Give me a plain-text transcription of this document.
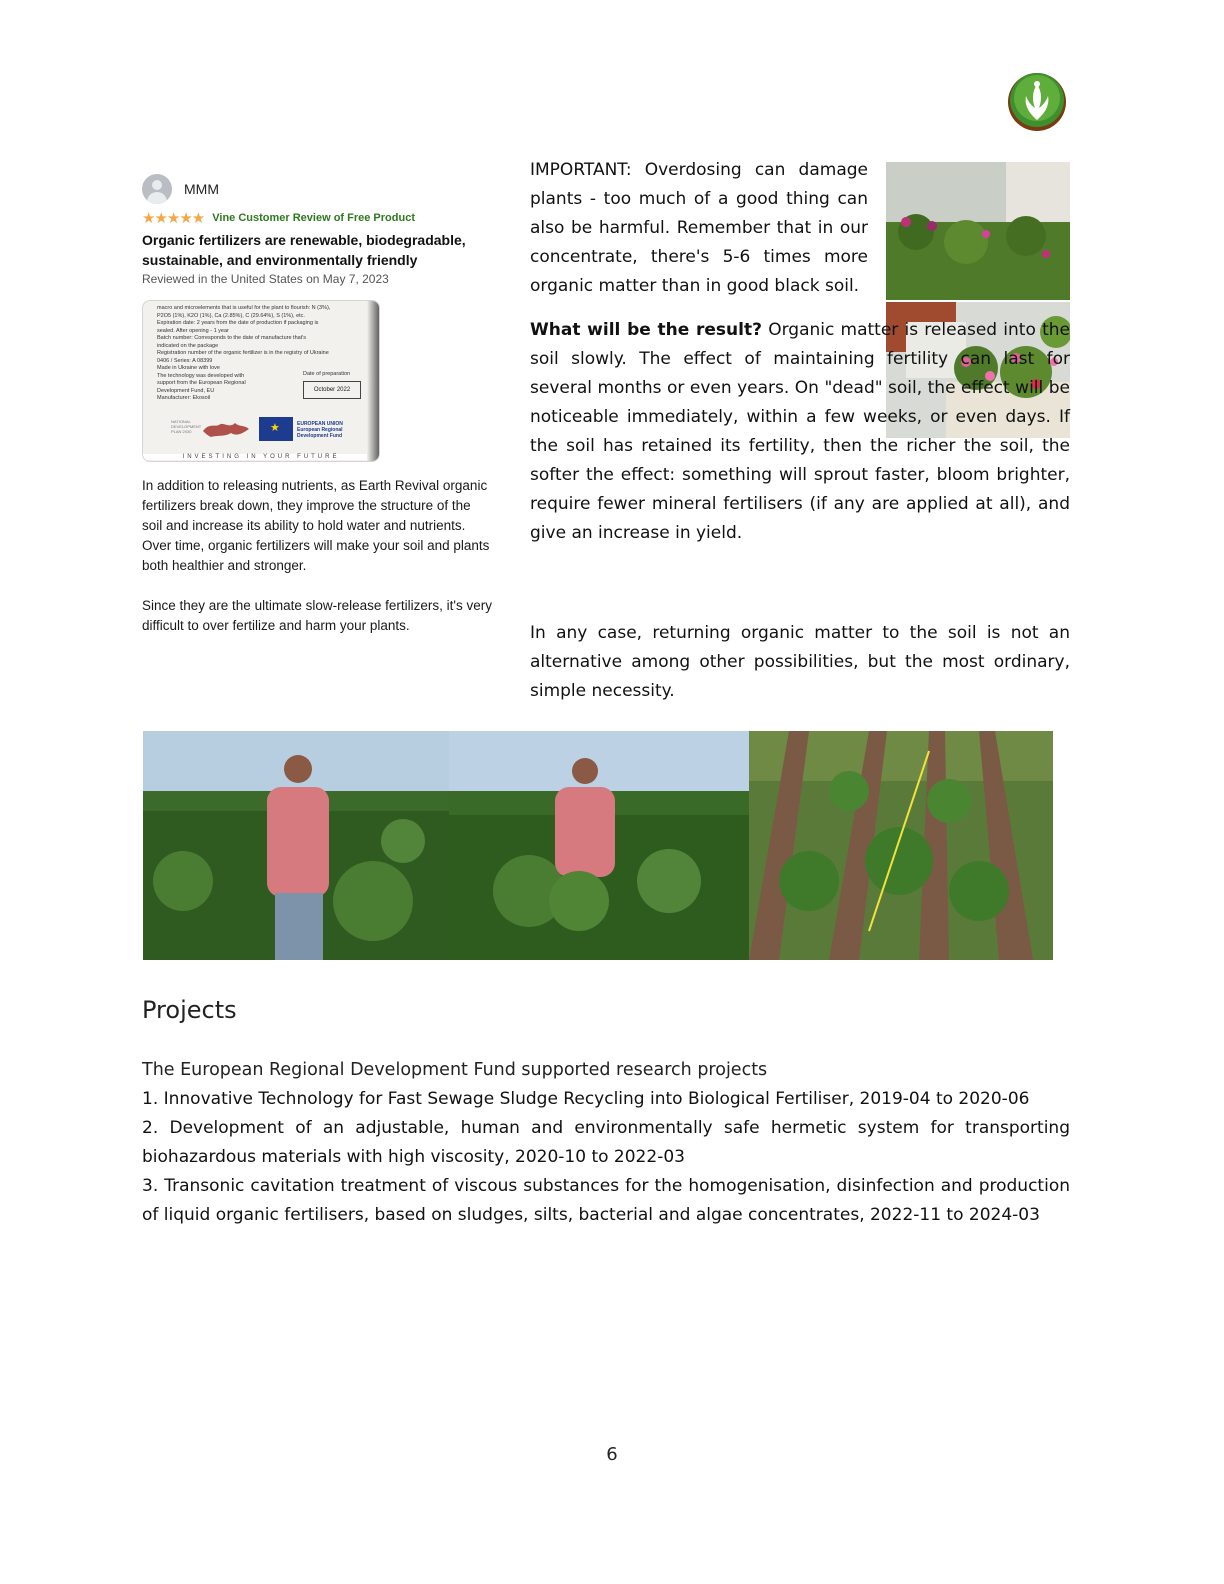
MMM
★★★★★ Vine Customer Review of Free Product
Organic fertilizers are renewable, biodegradable, sustainable, and environmentally friendly
Reviewed in the United States on May 7, 2023
macro and microelements that is useful for the plant to flourish: N (3%),
P2O5 (1%), K2O (1%), Ca (2.85%), C (29.64%), S (1%), etc.
Expiration date: 2 years from the date of production if packaging is
sealed. After opening - 1 year
Batch number: Corresponds to the date of manufacture that's
indicated on the package
Registration number of the organic fertilizer is in the registry of Ukraine
0406 / Series: A 08399
Made in Ukraine with love
The technology was developed with
support from the European Regional
Development Fund, EU
Manufacturer: Ekosoil
Date of preparation
October 2022
NATIONAL DEVELOPMENT PLAN 2030
★
EUROPEAN UNION European Regional Development Fund
INVESTING IN YOUR FUTURE
In addition to releasing nutrients, as Earth Revival organic fertilizers break down, they improve the structure of the soil and increase its ability to hold water and nutrients. Over time, organic fertilizers will make your soil and plants both healthier and stronger.
Since they are the ultimate slow-release fertilizers, it's very difficult to over fertilize and harm your plants.
IMPORTANT: Overdosing can damage plants - too much of a good thing can also be harmful. Remember that in our concentrate, there's 5-6 times more organic matter than in good black soil.

What will be the result? Organic matter is released into the soil slowly. The effect of maintaining fertility can last for several months or even years. On "dead" soil, the effect will be noticeable immediately, within a few weeks, or even days. If the soil has retained its fertility, then the richer the soil, the softer the effect: something will sprout faster, bloom brighter, require fewer mineral fertilisers (if any are applied at all), and give an increase in yield.

In any case, returning organic matter to the soil is not an alternative among other possibilities, but the most ordinary, simple necessity.

Projects

The European Regional Development Fund supported research projects

1. Innovative Technology for Fast Sewage Sludge Recycling into Biological Fertiliser, 2019-04 to 2020-06
2. Development of an adjustable, human and environmentally safe hermetic system for transporting biohazardous materials with high viscosity, 2020-10 to 2022-03
3. Transonic cavitation treatment of viscous substances for the homogenisation, disinfection and production of liquid organic fertilisers, based on sludges, silts, bacterial and algae concentrates, 2022-11 to 2024-03
6
